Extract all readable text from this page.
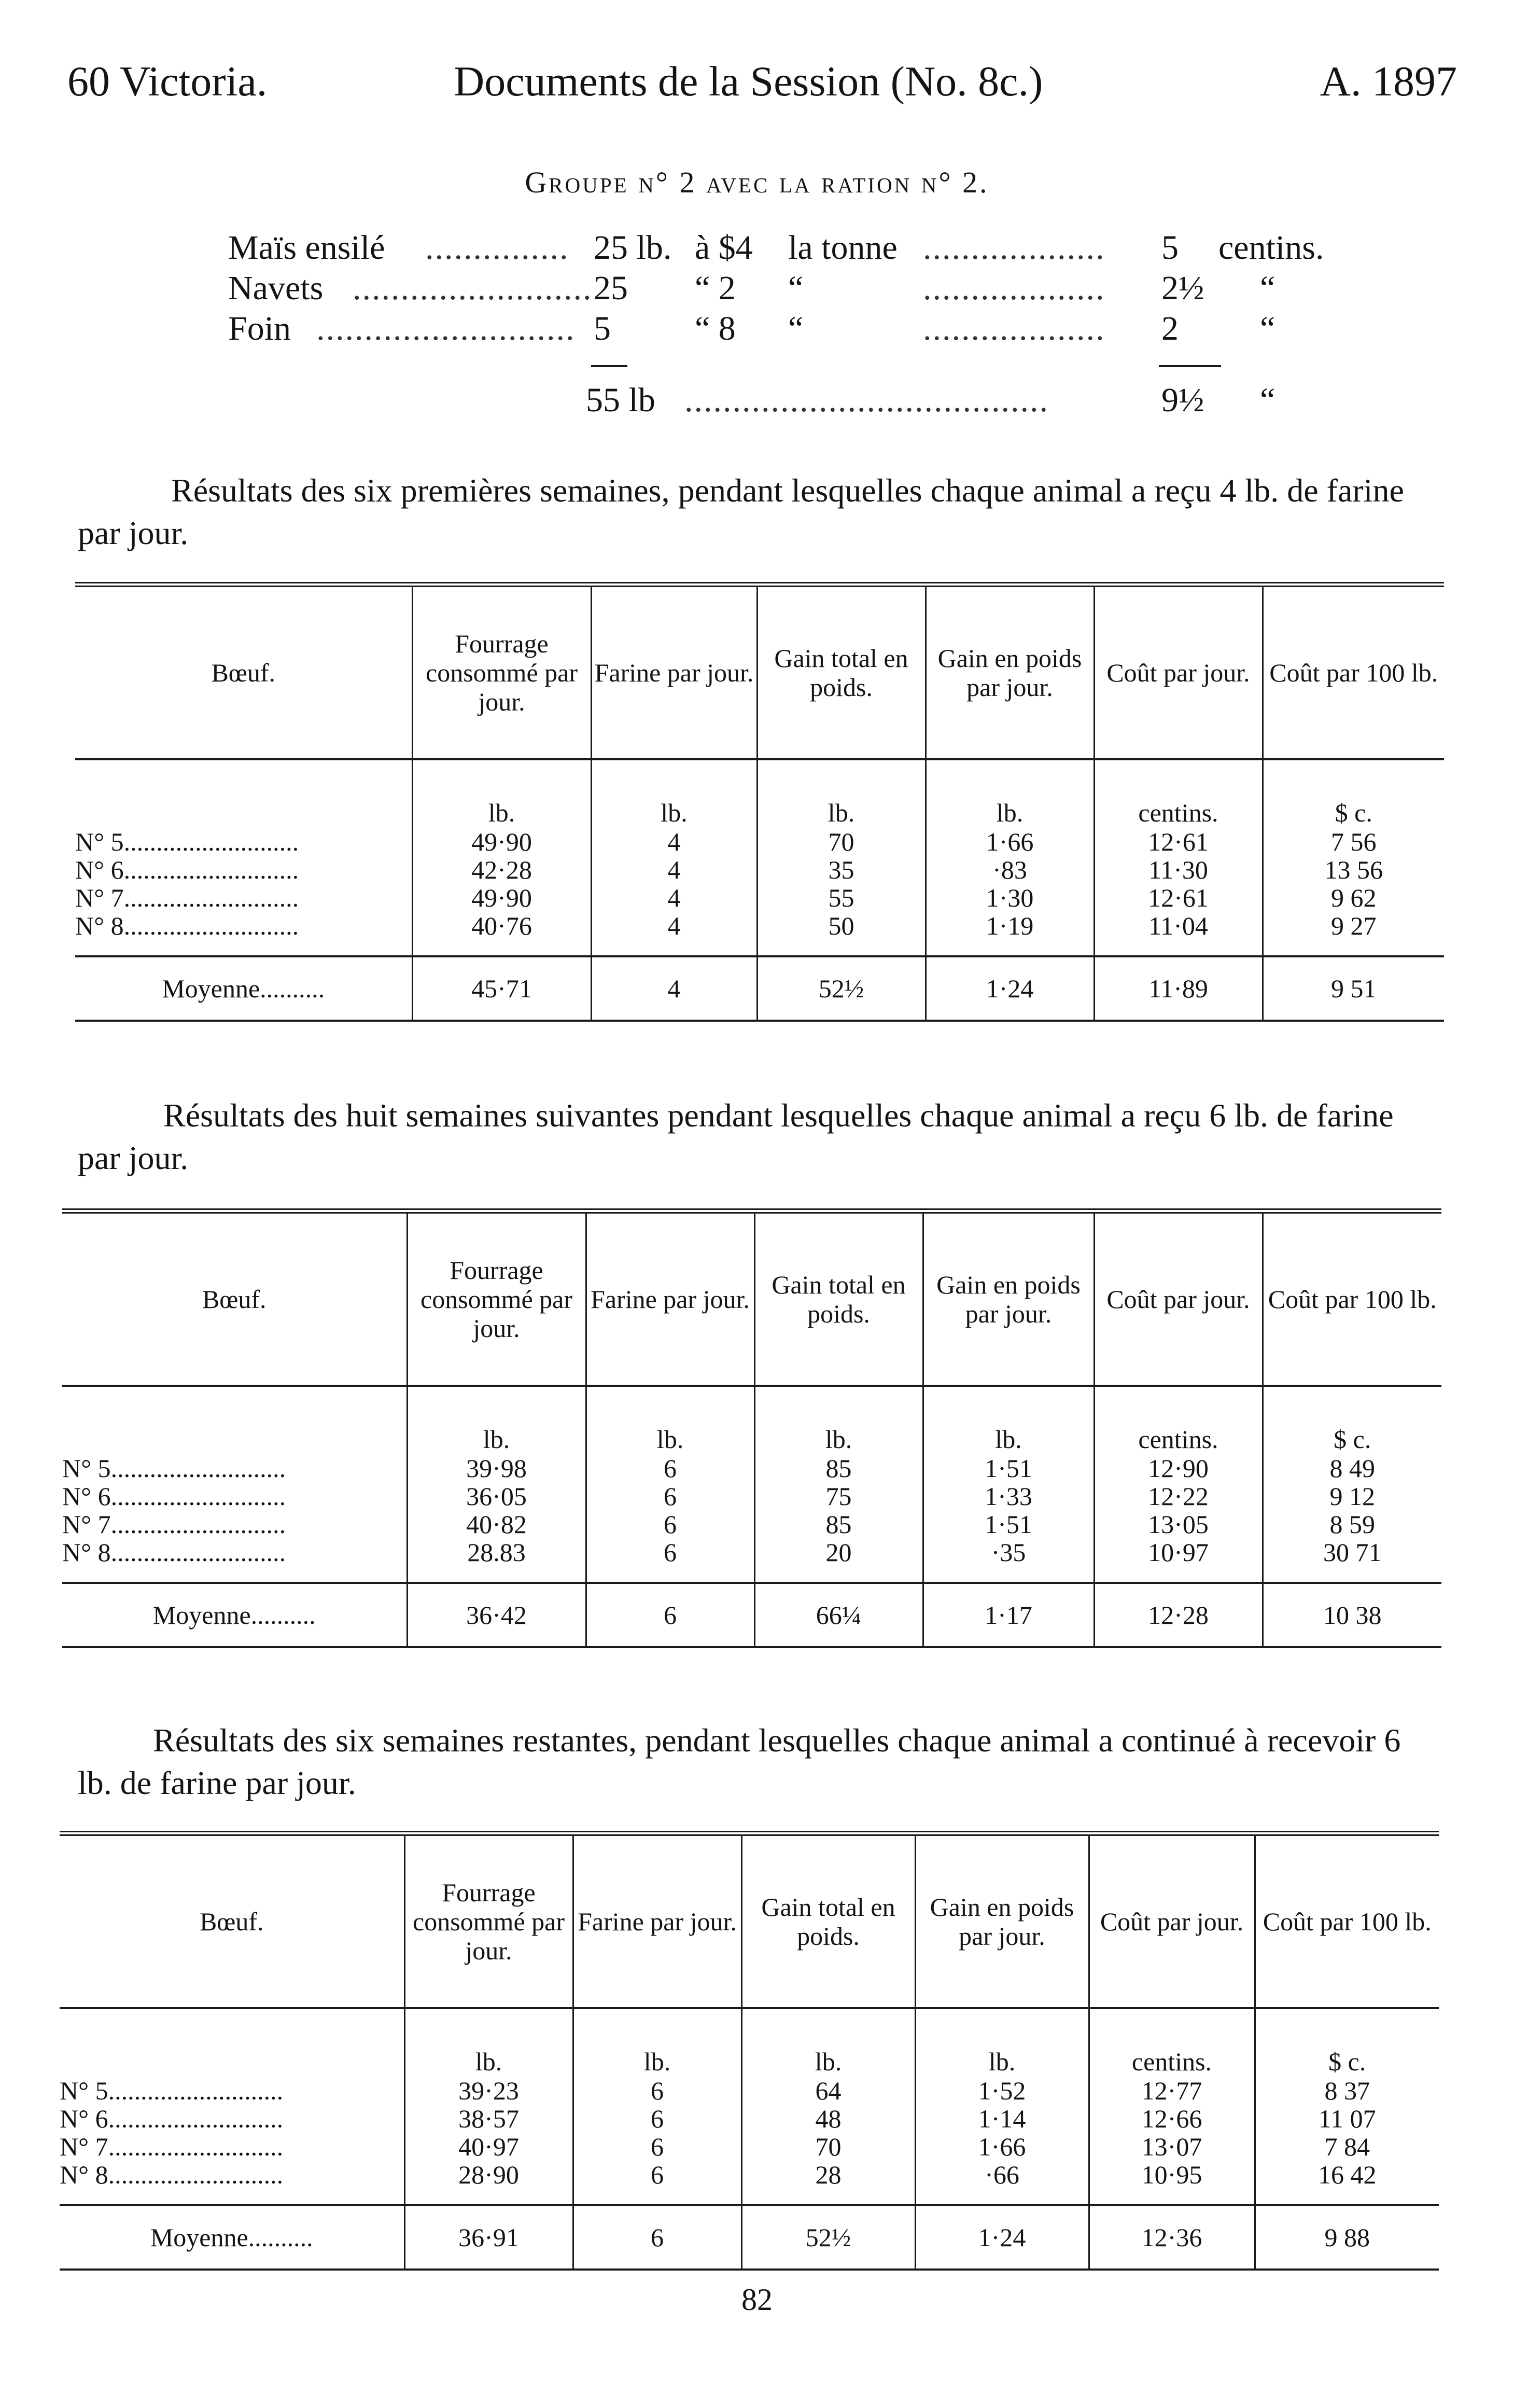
60 Victoria.	Documents de la Session (No. 8c.)	A. 1897
Groupe n° 2 avec la ration n° 2.
Maïs ensilé ............... 25 lb. à $4 la tonne ................... 5 centins.
Navets ......................... 25 “ 2 “	................... 2½ “
Foin ........................... 5 “ 8 “	................... 2 “
55 lb ......................................	9½ “
Résultats des six premières semaines, pendant lesquelles chaque animal a reçu 4 lb. de farine par jour.

Bœuf.	Fourrage consommé par jour.	Farine par jour.	Gain total en poids.	Gain en poids par jour.	Coût par jour.	Coût par 100 lb.
	lb.	lb.	lb.	lb.	centins.	$ c.
N° 5...........................	49·90	4	70	1·66	12·61	7 56
N° 6...........................	42·28	4	35	·83	11·30	13 56
N° 7...........................	49·90	4	55	1·30	12·61	9 62
N° 8...........................	40·76	4	50	1·19	11·04	9 27

Moyenne..........	45·71	4	52½	1·24	11·89	9 51
Résultats des huit semaines suivantes pendant lesquelles chaque animal a reçu 6 lb. de farine par jour.

Bœuf.	Fourrage consommé par jour.	Farine par jour.	Gain total en poids.	Gain en poids par jour.	Coût par jour.	Coût par 100 lb.
	lb.	lb.	lb.	lb.	centins.	$ c.
N° 5...........................	39·98	6	85	1·51	12·90	8 49
N° 6...........................	36·05	6	75	1·33	12·22	9 12
N° 7...........................	40·82	6	85	1·51	13·05	8 59
N° 8...........................	28.83	6	20	·35	10·97	30 71

Moyenne..........	36·42	6	66¼	1·17	12·28	10 38
Résultats des six semaines restantes, pendant lesquelles chaque animal a continué à recevoir 6 lb. de farine par jour.

Bœuf.	Fourrage consommé par jour.	Farine par jour.	Gain total en poids.	Gain en poids par jour.	Coût par jour.	Coût par 100 lb.
	lb.	lb.	lb.	lb.	centins.	$ c.
N° 5...........................	39·23	6	64	1·52	12·77	8 37
N° 6...........................	38·57	6	48	1·14	12·66	11 07
N° 7...........................	40·97	6	70	1·66	13·07	7 84
N° 8...........................	28·90	6	28	·66	10·95	16 42

Moyenne..........	36·91	6	52½	1·24	12·36	9 88
82
